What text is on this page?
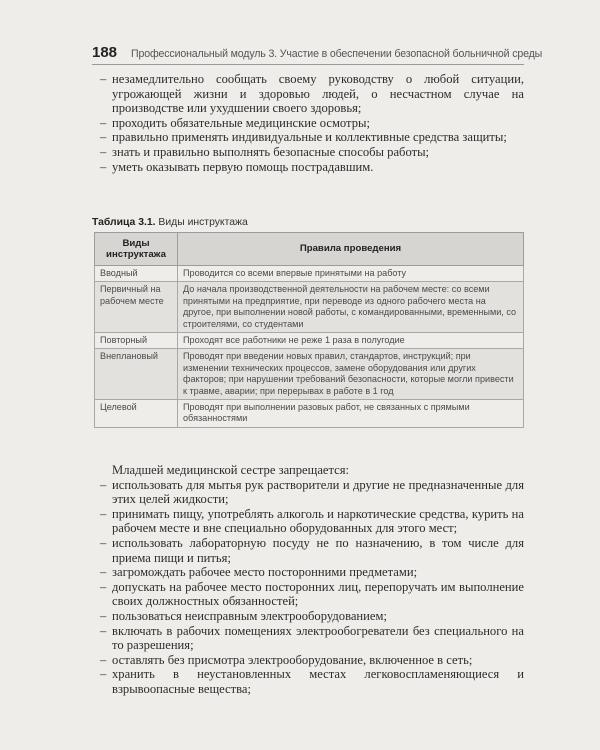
188 Профессиональный модуль 3. Участие в обеспечении безопасной больничной среды
– незамедлительно сообщать своему руководству о любой ситуации, угрожающей жизни и здоровью людей, о несчастном случае на производстве или ухудшении своего здоровья;
– проходить обязательные медицинские осмотры;
– правильно применять индивидуальные и коллективные средства защиты;
– знать и правильно выполнять безопасные способы работы;
– уметь оказывать первую помощь пострадавшим.
Таблица 3.1. Виды инструктажа
Виды инструктажа	Правила проведения
Вводный	Проводится со всеми впервые принятыми на работу
Первичный на рабочем месте	До начала производственной деятельности на рабочем месте: со всеми принятыми на предприятие, при переводе из одного рабочего места на другое, при выполнении новой работы, с командированными, временными, со строителями, со студентами
Повторный	Проходят все работники не реже 1 раза в полугодие
Внеплановый	Проводят при введении новых правил, стандартов, инструкций; при изменении технических процессов, замене оборудования или других факторов; при нарушении требований безопасности, которые могли привести к травме, аварии; при перерывах в работе в 1 год
Целевой	Проводят при выполнении разовых работ, не связанных с прямыми обязанностями

Младшей медицинской сестре запрещается:

– использовать для мытья рук растворители и другие не предназначенные для этих целей жидкости;
– принимать пищу, употреблять алкоголь и наркотические средства, курить на рабочем месте и вне специально оборудованных для этого мест;
– использовать лабораторную посуду не по назначению, в том числе для приема пищи и питья;
– загромождать рабочее место посторонними предметами;
– допускать на рабочее место посторонних лиц, перепоручать им выполнение своих должностных обязанностей;
– пользоваться неисправным электрооборудованием;
– включать в рабочих помещениях электрообогреватели без специального на то разрешения;
– оставлять без присмотра электрооборудование, включенное в сеть;
– хранить в неустановленных местах легковоспламеняющиеся и взрывоопасные вещества;
